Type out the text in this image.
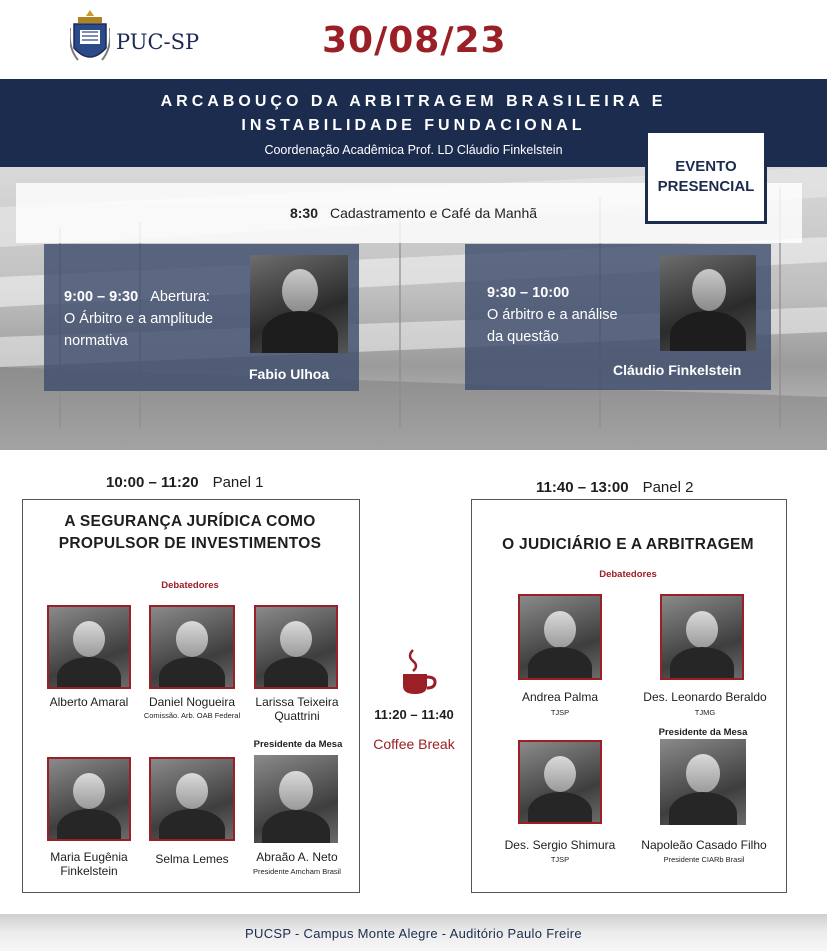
PUC-SP	30/08/23
ARCABOUÇO DA ARBITRAGEM BRASILEIRA E
INSTABILIDADE FUNDACIONAL
Coordenação Acadêmica Prof. LD Cláudio Finkelstein
8:30 Cadastramento e Café da Manhã
EVENTO
PRESENCIAL
9:00 – 9:30 Abertura:
O Árbitro e a amplitude
normativa
Fabio Ulhoa
9:30 – 10:00
O árbitro e a análise
da questão
Cláudio Finkelstein
10:00 – 11:20 Panel 1
A SEGURANÇA JURÍDICA COMO
PROPULSOR DE INVESTIMENTOS
Debatedores
Alberto Amaral	Daniel Nogueira
Comissão. Arb. OAB Federal
Larissa Teixeira
Quattrini
Presidente da Mesa
Maria Eugênia
Finkelstein
Selma Lemes	Abraão A. Neto
Presidente Amcham Brasil
11:20 – 11:40
Coffee Break
11:40 – 13:00 Panel 2
O JUDICIÁRIO E A ARBITRAGEM
Debatedores
Andrea Palma
TJSP
Des. Leonardo Beraldo
TJMG
Presidente da Mesa
Des. Sergio Shimura
TJSP
Napoleão Casado Filho
Presidente CIARb Brasil
PUCSP - Campus Monte Alegre - Auditório Paulo Freire
